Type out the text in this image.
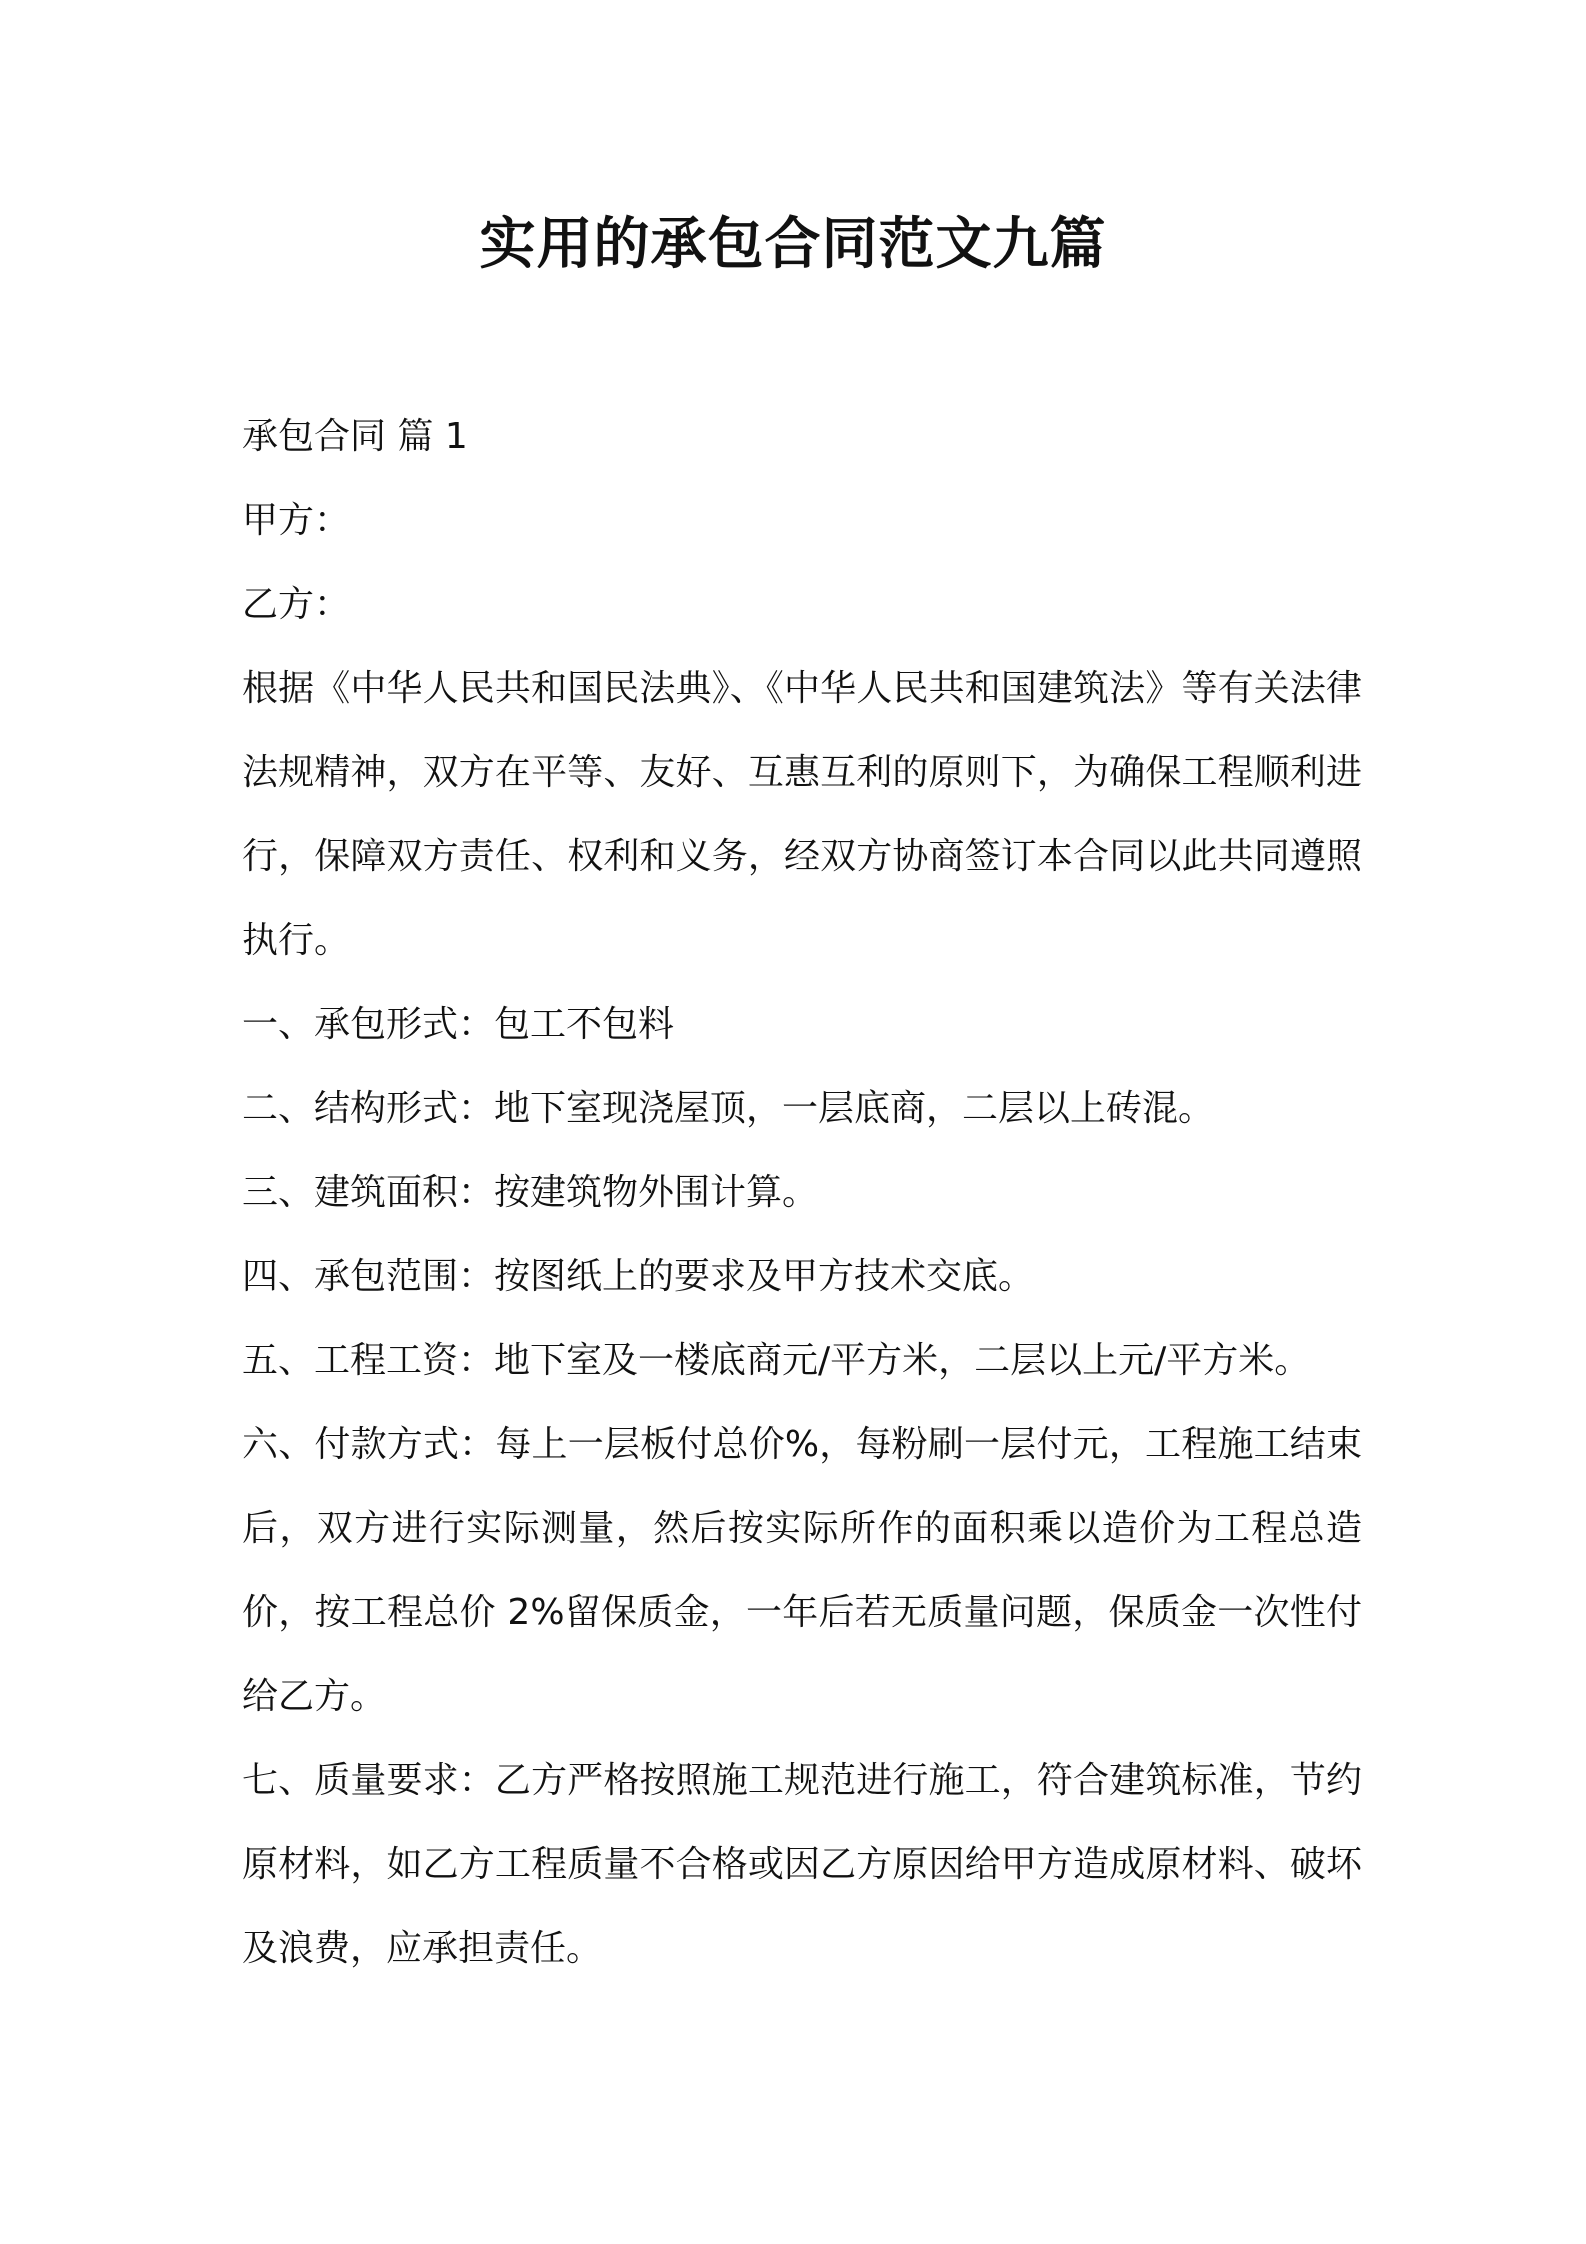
实用的承包合同范文九篇

承包合同 篇 1

甲方：

乙方：

根据《中华人民共和国民法典》、《中华人民共和国建筑法》等有关法律法规精神，双方在平等、友好、互惠互利的原则下，为确保工程顺利进行，保障双方责任、权利和义务，经双方协商签订本合同以此共同遵照执行。

一、承包形式：包工不包料

二、结构形式：地下室现浇屋顶，一层底商，二层以上砖混。

三、建筑面积：按建筑物外围计算。

四、承包范围：按图纸上的要求及甲方技术交底。

五、工程工资：地下室及一楼底商元/平方米，二层以上元/平方米。

六、付款方式：每上一层板付总价%，每粉刷一层付元，工程施工结束后，双方进行实际测量，然后按实际所作的面积乘以造价为工程总造价，按工程总价 2%留保质金，一年后若无质量问题，保质金一次性付给乙方。

七、质量要求：乙方严格按照施工规范进行施工，符合建筑标准，节约原材料，如乙方工程质量不合格或因乙方原因给甲方造成原材料、破坏及浪费，应承担责任。
